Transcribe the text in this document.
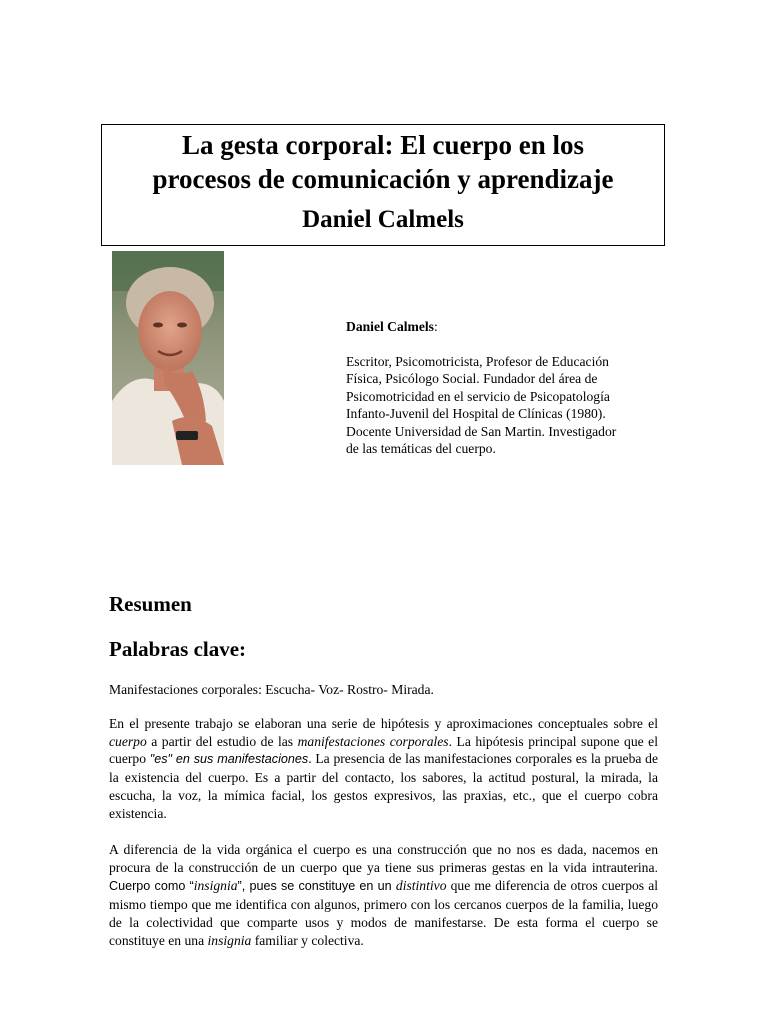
La gesta corporal: El cuerpo en los
procesos de comunicación y aprendizaje
Daniel Calmels
Daniel Calmels:
Escritor, Psicomotricista, Profesor de Educación
Física, Psicólogo Social. Fundador del área de
Psicomotricidad en el servicio de Psicopatología
Infanto-Juvenil del Hospital de Clínicas (1980).
Docente Universidad de San Martin. Investigador
de las temáticas del cuerpo.
Resumen
Palabras clave:

Manifestaciones corporales: Escucha- Voz- Rostro- Mirada.

En el presente trabajo se elaboran una serie de hipótesis y aproximaciones conceptuales sobre el cuerpo a partir del estudio de las manifestaciones corporales. La hipótesis principal supone que el cuerpo "es" en sus manifestaciones. La presencia de las manifestaciones corporales es la prueba de la existencia del cuerpo. Es a partir del contacto, los sabores, la actitud postural, la mirada, la escucha, la voz, la mímica facial, los gestos expresivos, las praxias, etc., que el cuerpo cobra existencia.

A diferencia de la vida orgánica el cuerpo es una construcción que no nos es dada, nacemos en procura de la construcción de un cuerpo que ya tiene sus primeras gestas en la vida intrauterina. Cuerpo como “insignia”, pues se constituye en un distintivo que me diferencia de otros cuerpos al mismo tiempo que me identifica con algunos, primero con los cercanos cuerpos de la familia, luego de la colectividad que comparte usos y modos de manifestarse. De esta forma el cuerpo se constituye en una insignia familiar y colectiva.
